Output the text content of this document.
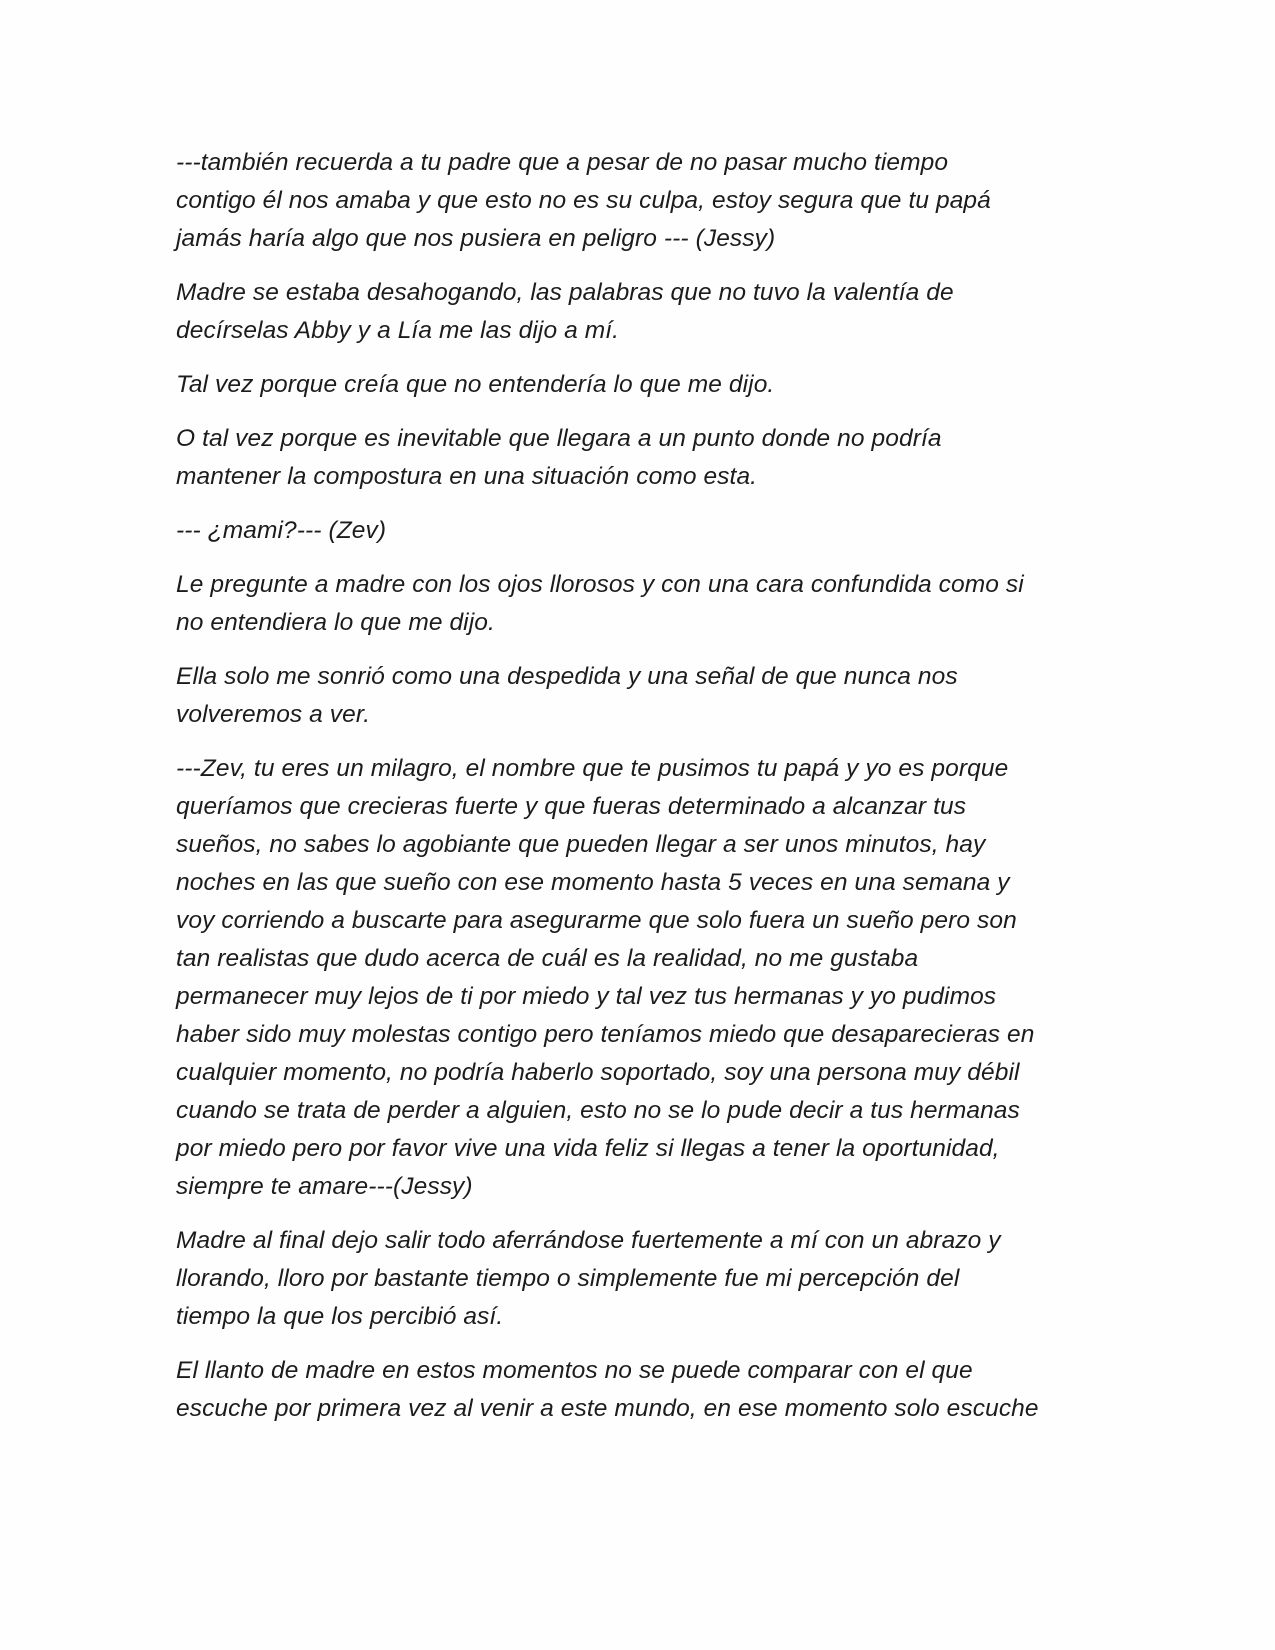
---también recuerda a tu padre que a pesar de no pasar mucho tiempo
contigo él nos amaba y que esto no es su culpa, estoy segura que tu papá
jamás haría algo que nos pusiera en peligro --- (Jessy)

Madre se estaba desahogando, las palabras que no tuvo la valentía de
decírselas Abby y a Lía me las dijo a mí.

Tal vez porque creía que no entendería lo que me dijo.

O tal vez porque es inevitable que llegara a un punto donde no podría
mantener la compostura en una situación como esta.

--- ¿mami?--- (Zev)

Le pregunte a madre con los ojos llorosos y con una cara confundida como si
no entendiera lo que me dijo.

Ella solo me sonrió como una despedida y una señal de que nunca nos
volveremos a ver.

---Zev, tu eres un milagro, el nombre que te pusimos tu papá y yo es porque
queríamos que crecieras fuerte y que fueras determinado a alcanzar tus
sueños, no sabes lo agobiante que pueden llegar a ser unos minutos, hay
noches en las que sueño con ese momento hasta 5 veces en una semana y
voy corriendo a buscarte para asegurarme que solo fuera un sueño pero son
tan realistas que dudo acerca de cuál es la realidad, no me gustaba
permanecer muy lejos de ti por miedo y tal vez tus hermanas y yo pudimos
haber sido muy molestas contigo pero teníamos miedo que desaparecieras en
cualquier momento, no podría haberlo soportado, soy una persona muy débil
cuando se trata de perder a alguien, esto no se lo pude decir a tus hermanas
por miedo pero por favor vive una vida feliz si llegas a tener la oportunidad,
siempre te amare---(Jessy)

Madre al final dejo salir todo aferrándose fuertemente a mí con un abrazo y
llorando, lloro por bastante tiempo o simplemente fue mi percepción del
tiempo la que los percibió así.

El llanto de madre en estos momentos no se puede comparar con el que
escuche por primera vez al venir a este mundo, en ese momento solo escuche
